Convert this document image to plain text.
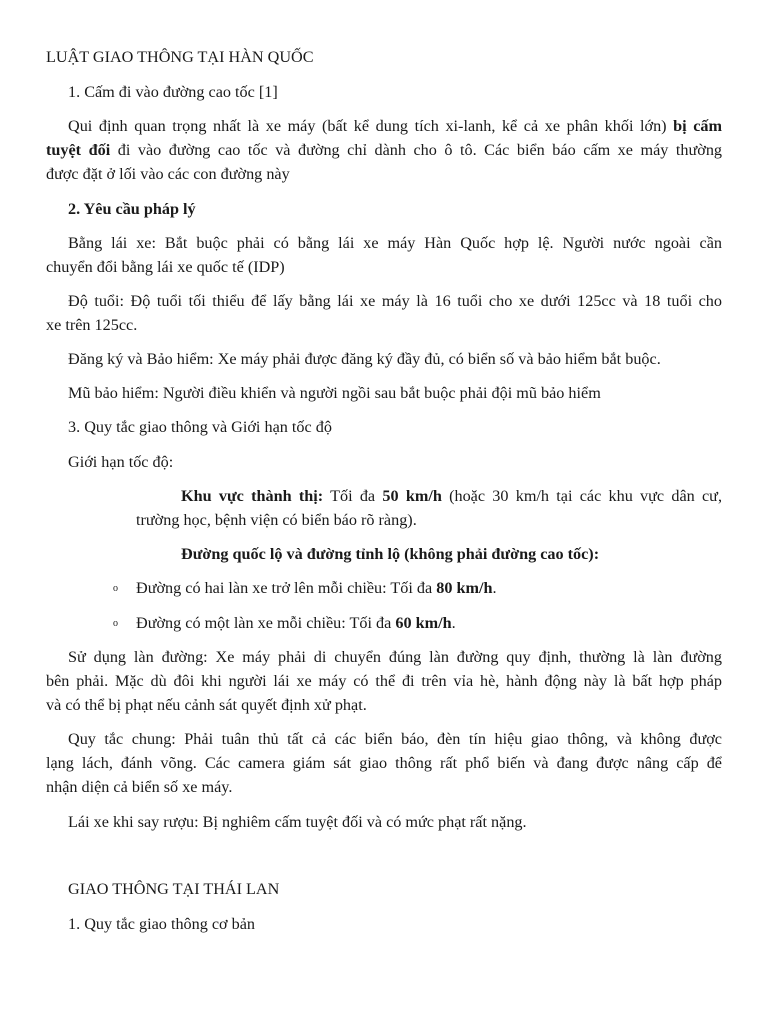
LUẬT GIAO THÔNG TẠI HÀN QUỐC
1. Cấm đi vào đường cao tốc [1]
Qui định quan trọng nhất là xe máy (bất kể dung tích xi-lanh, kể cả xe phân khối lớn) bị cấm
tuyệt đối đi vào đường cao tốc và đường chỉ dành cho ô tô. Các biển báo cấm xe máy thường
được đặt ở lối vào các con đường này
2. Yêu cầu pháp lý
Bằng lái xe: Bắt buộc phải có bằng lái xe máy Hàn Quốc hợp lệ. Người nước ngoài cần
chuyển đổi bằng lái xe quốc tế (IDP)
Độ tuổi: Độ tuổi tối thiểu để lấy bằng lái xe máy là 16 tuổi cho xe dưới 125cc và 18 tuổi cho
xe trên 125cc.
Đăng ký và Bảo hiểm: Xe máy phải được đăng ký đầy đủ, có biển số và bảo hiểm bắt buộc.
Mũ bảo hiểm: Người điều khiển và người ngồi sau bắt buộc phải đội mũ bảo hiểm
3. Quy tắc giao thông và Giới hạn tốc độ
Giới hạn tốc độ:
Khu vực thành thị: Tối đa 50 km/h (hoặc 30 km/h tại các khu vực dân cư,
trường học, bệnh viện có biển báo rõ ràng).
Đường quốc lộ và đường tỉnh lộ (không phải đường cao tốc):
o Đường có hai làn xe trở lên mỗi chiều: Tối đa 80 km/h.
o Đường có một làn xe mỗi chiều: Tối đa 60 km/h.
Sử dụng làn đường: Xe máy phải di chuyển đúng làn đường quy định, thường là làn đường
bên phải. Mặc dù đôi khi người lái xe máy có thể đi trên vỉa hè, hành động này là bất hợp pháp
và có thể bị phạt nếu cảnh sát quyết định xử phạt.
Quy tắc chung: Phải tuân thủ tất cả các biển báo, đèn tín hiệu giao thông, và không được
lạng lách, đánh võng. Các camera giám sát giao thông rất phổ biến và đang được nâng cấp để
nhận diện cả biển số xe máy.
Lái xe khi say rượu: Bị nghiêm cấm tuyệt đối và có mức phạt rất nặng.
GIAO THÔNG TẠI THÁI LAN
1. Quy tắc giao thông cơ bản
